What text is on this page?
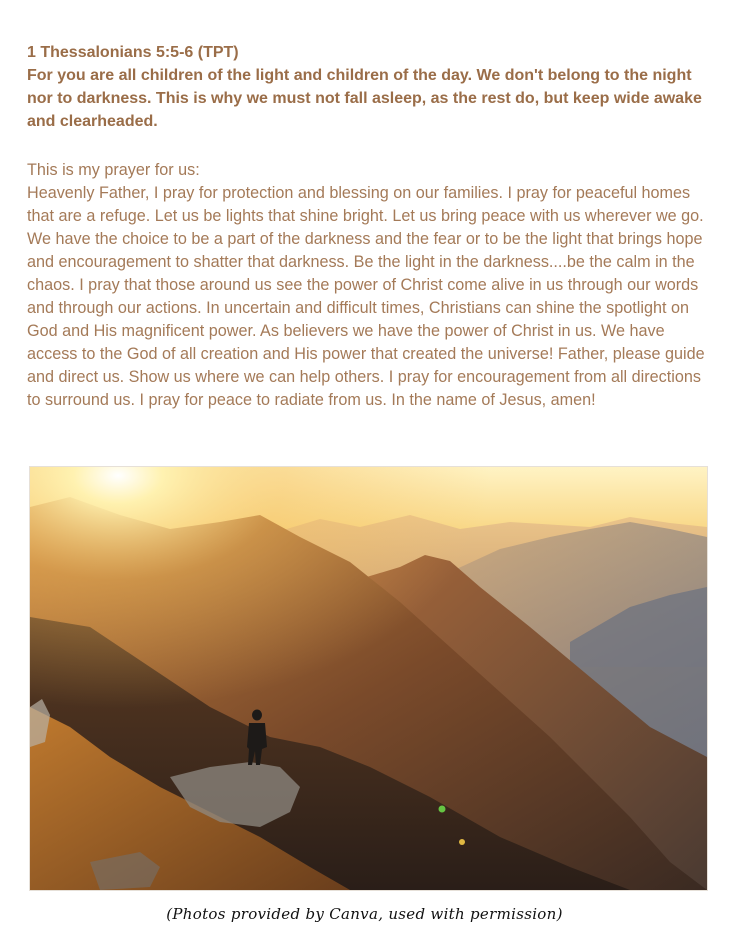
1 Thessalonians 5:5-6 (TPT)
For you are all children of the light and children of the day. We don't belong to the night nor to darkness. This is why we must not fall asleep, as the rest do, but keep wide awake and clearheaded.
This is my prayer for us:
Heavenly Father, I pray for protection and blessing on our families. I pray for peaceful homes that are a refuge. Let us be lights that shine bright. Let us bring peace with us wherever we go. We have the choice to be a part of the darkness and the fear or to be the light that brings hope and encouragement to shatter that darkness. Be the light in the darkness....be the calm in the chaos. I pray that those around us see the power of Christ come alive in us through our words and through our actions. In uncertain and difficult times, Christians can shine the spotlight on God and His magnificent power. As believers we have the power of Christ in us. We have access to the God of all creation and His power that created the universe! Father, please guide and direct us. Show us where we can help others. I pray for encouragement from all directions to surround us. I pray for peace to radiate from us. In the name of Jesus, amen!
(Photos provided by Canva, used with permission)
